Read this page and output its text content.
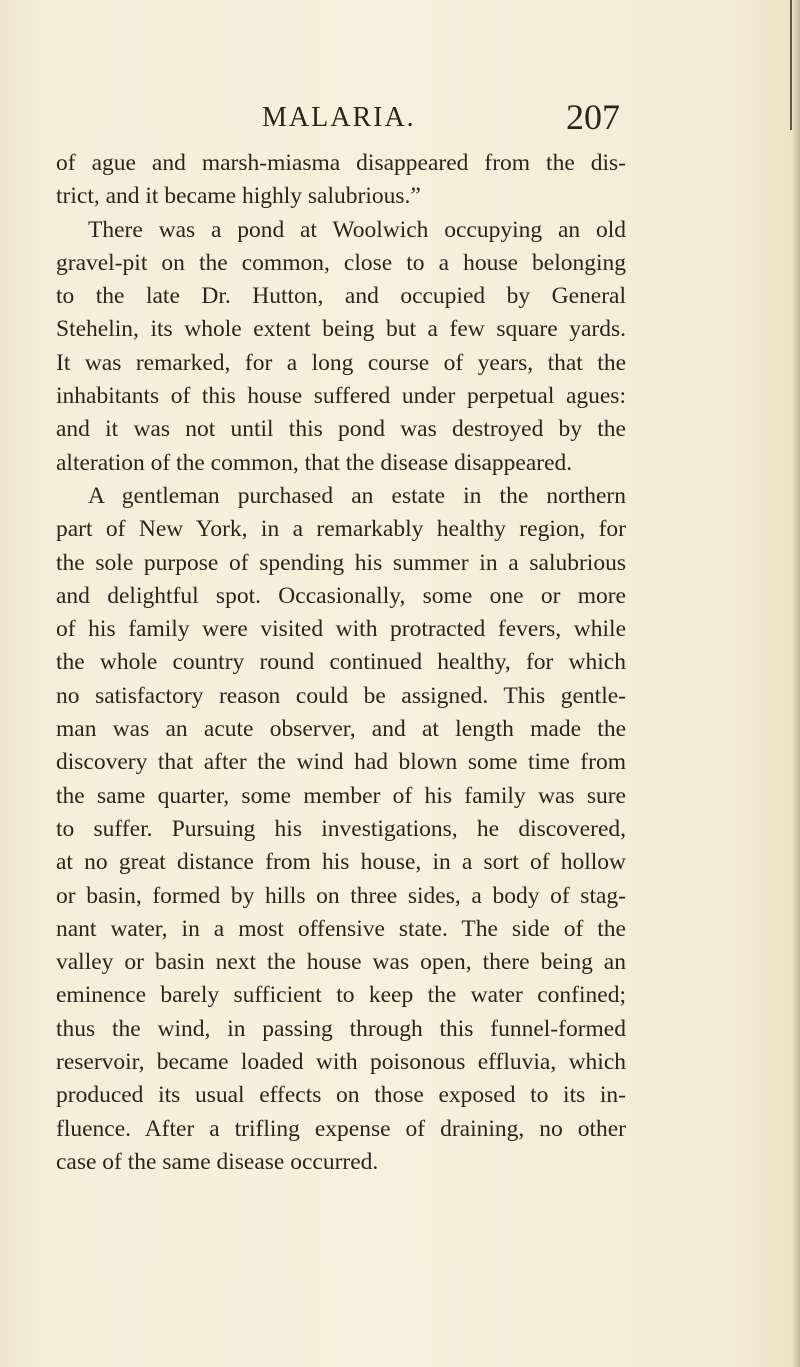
MALARIA.	207
of ague and marsh-miasma disappeared from the dis-
trict, and it became highly salubrious.”
There was a pond at Woolwich occupying an old
gravel-pit on the common, close to a house belonging
to the late Dr. Hutton, and occupied by General
Stehelin, its whole extent being but a few square yards.
It was remarked, for a long course of years, that the
inhabitants of this house suffered under perpetual agues:
and it was not until this pond was destroyed by the
alteration of the common, that the disease disappeared.
A gentleman purchased an estate in the northern
part of New York, in a remarkably healthy region, for
the sole purpose of spending his summer in a salubrious
and delightful spot. Occasionally, some one or more
of his family were visited with protracted fevers, while
the whole country round continued healthy, for which
no satisfactory reason could be assigned. This gentle-
man was an acute observer, and at length made the
discovery that after the wind had blown some time from
the same quarter, some member of his family was sure
to suffer. Pursuing his investigations, he discovered,
at no great distance from his house, in a sort of hollow
or basin, formed by hills on three sides, a body of stag-
nant water, in a most offensive state. The side of the
valley or basin next the house was open, there being an
eminence barely sufficient to keep the water confined;
thus the wind, in passing through this funnel-formed
reservoir, became loaded with poisonous effluvia, which
produced its usual effects on those exposed to its in-
fluence. After a trifling expense of draining, no other
case of the same disease occurred.
